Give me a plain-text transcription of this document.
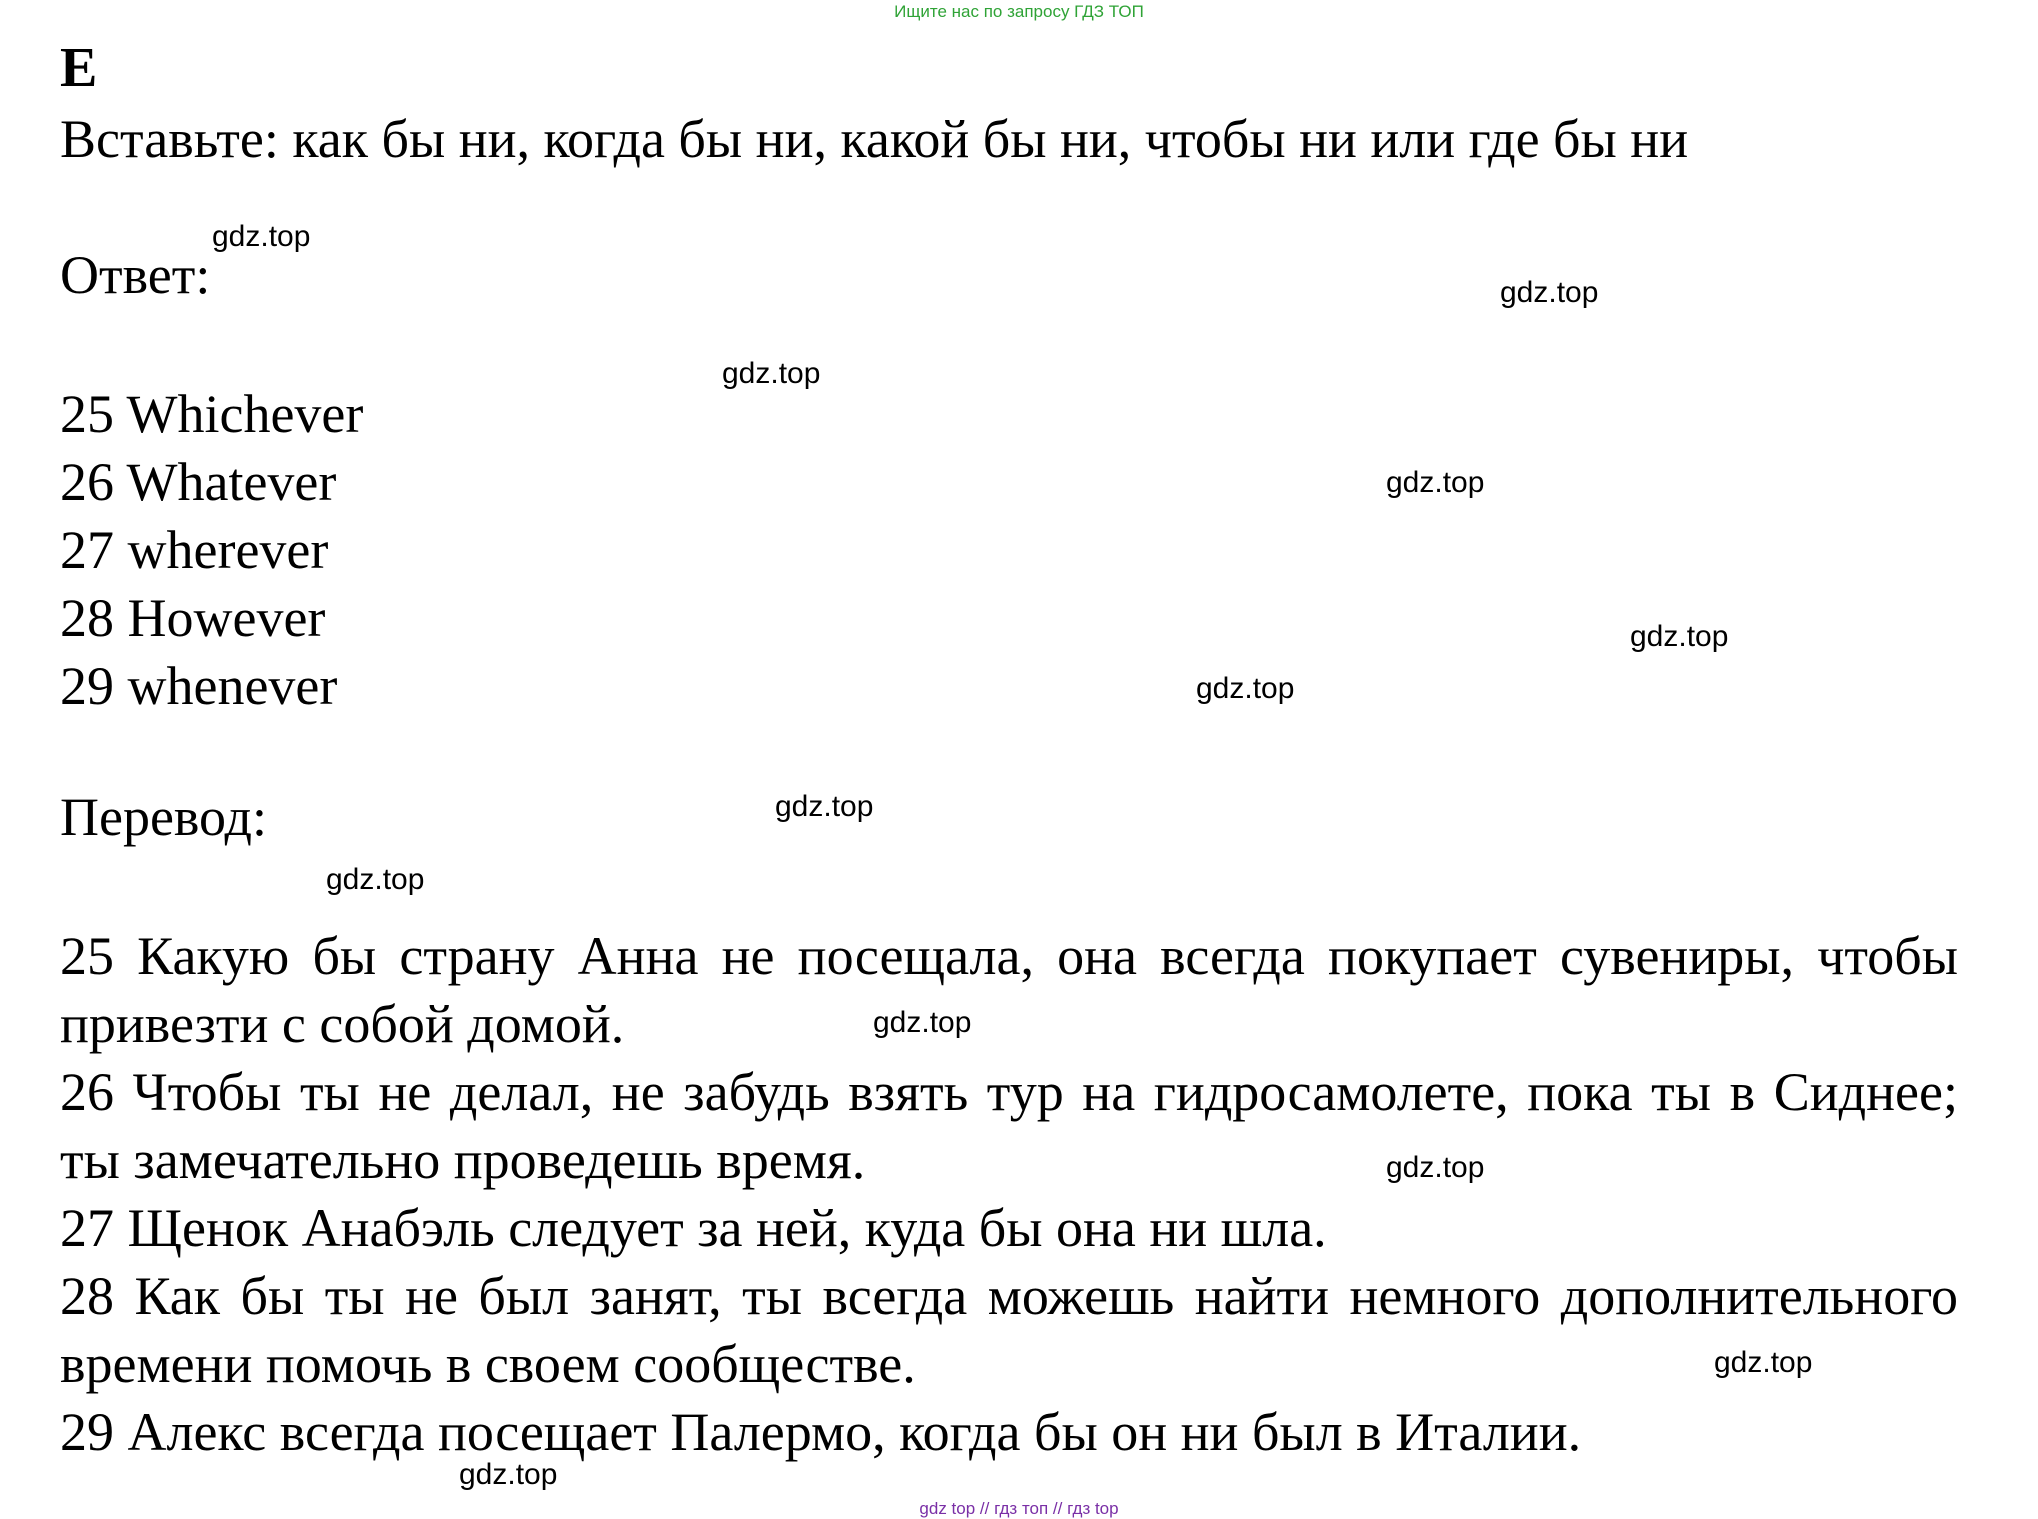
Ищите нас по запросу ГДЗ ТОП
E
Вставьте: как бы ни, когда бы ни, какой бы ни, чтобы ни или где бы ни
Ответ:
25 Whichever
26 Whatever
27 wherever
28 However
29 whenever
Перевод:

25 Какую бы страну Анна не посещала, она всегда покупает сувениры, чтобы привезти с собой домой.

26 Чтобы ты не делал, не забудь взять тур на гидросамолете, пока ты в Сиднее; ты замечательно проведешь время.

27 Щенок Анабэль следует за ней, куда бы она ни шла.

28 Как бы ты не был занят, ты всегда можешь найти немного дополнительного времени помочь в своем сообществе.

29 Алекс всегда посещает Палермо, когда бы он ни был в Италии.

gdz.top
gdz.top
gdz.top
gdz.top
gdz.top
gdz.top
gdz.top
gdz.top
gdz.top
gdz.top
gdz.top
gdz.top
gdz top // гдз топ // гдз top
